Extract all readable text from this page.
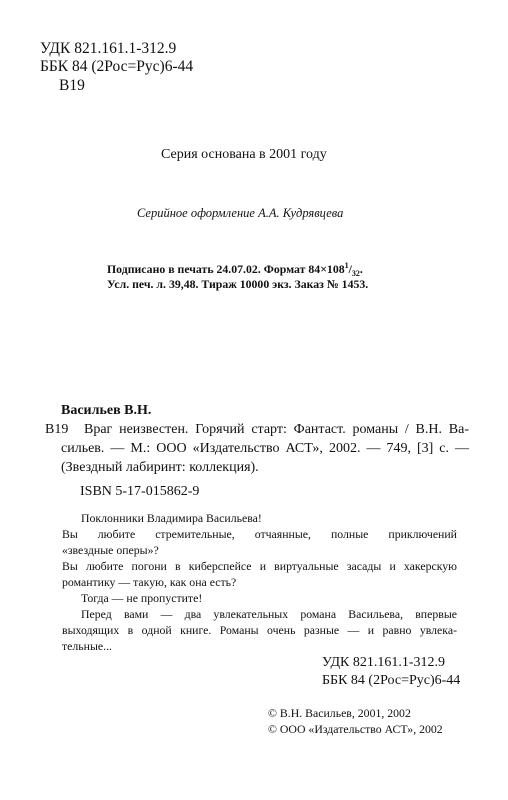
УДК 821.161.1-312.9
ББК 84 (2Рос=Рус)6-44
В19
Серия основана в 2001 году
Серийное оформление А.А. Кудрявцева
Подписано в печать 24.07.02. Формат $84\times 108^1/_{32}$.
Усл. печ. л. 39,48. Тираж 10000 экз. Заказ № 1453.
Васильев В.Н.
В19 Враг неизвестен. Горячий старт: Фантаст. романы / В.Н. Ва-
сильев. — М.: ООО «Издательство АСТ», 2002. — 749, [3] с. —
(Звездный лабиринт: коллекция).
ISBN 5-17-015862-9
Поклонники Владимира Васильева!
Вы любите стремительные, отчаянные, полные приключений
«звездные оперы»?
Вы любите погони в киберспейсе и виртуальные засады и хакерскую
романтику — такую, как она есть?
Тогда — не пропустите!
Перед вами — два увлекательных романа Васильева, впервые
выходящих в одной книге. Романы очень разные — и равно увлека-
тельные...
УДК 821.161.1-312.9
ББК 84 (2Рос=Рус)6-44
© В.Н. Васильев, 2001, 2002
© ООО «Издательство АСТ», 2002
